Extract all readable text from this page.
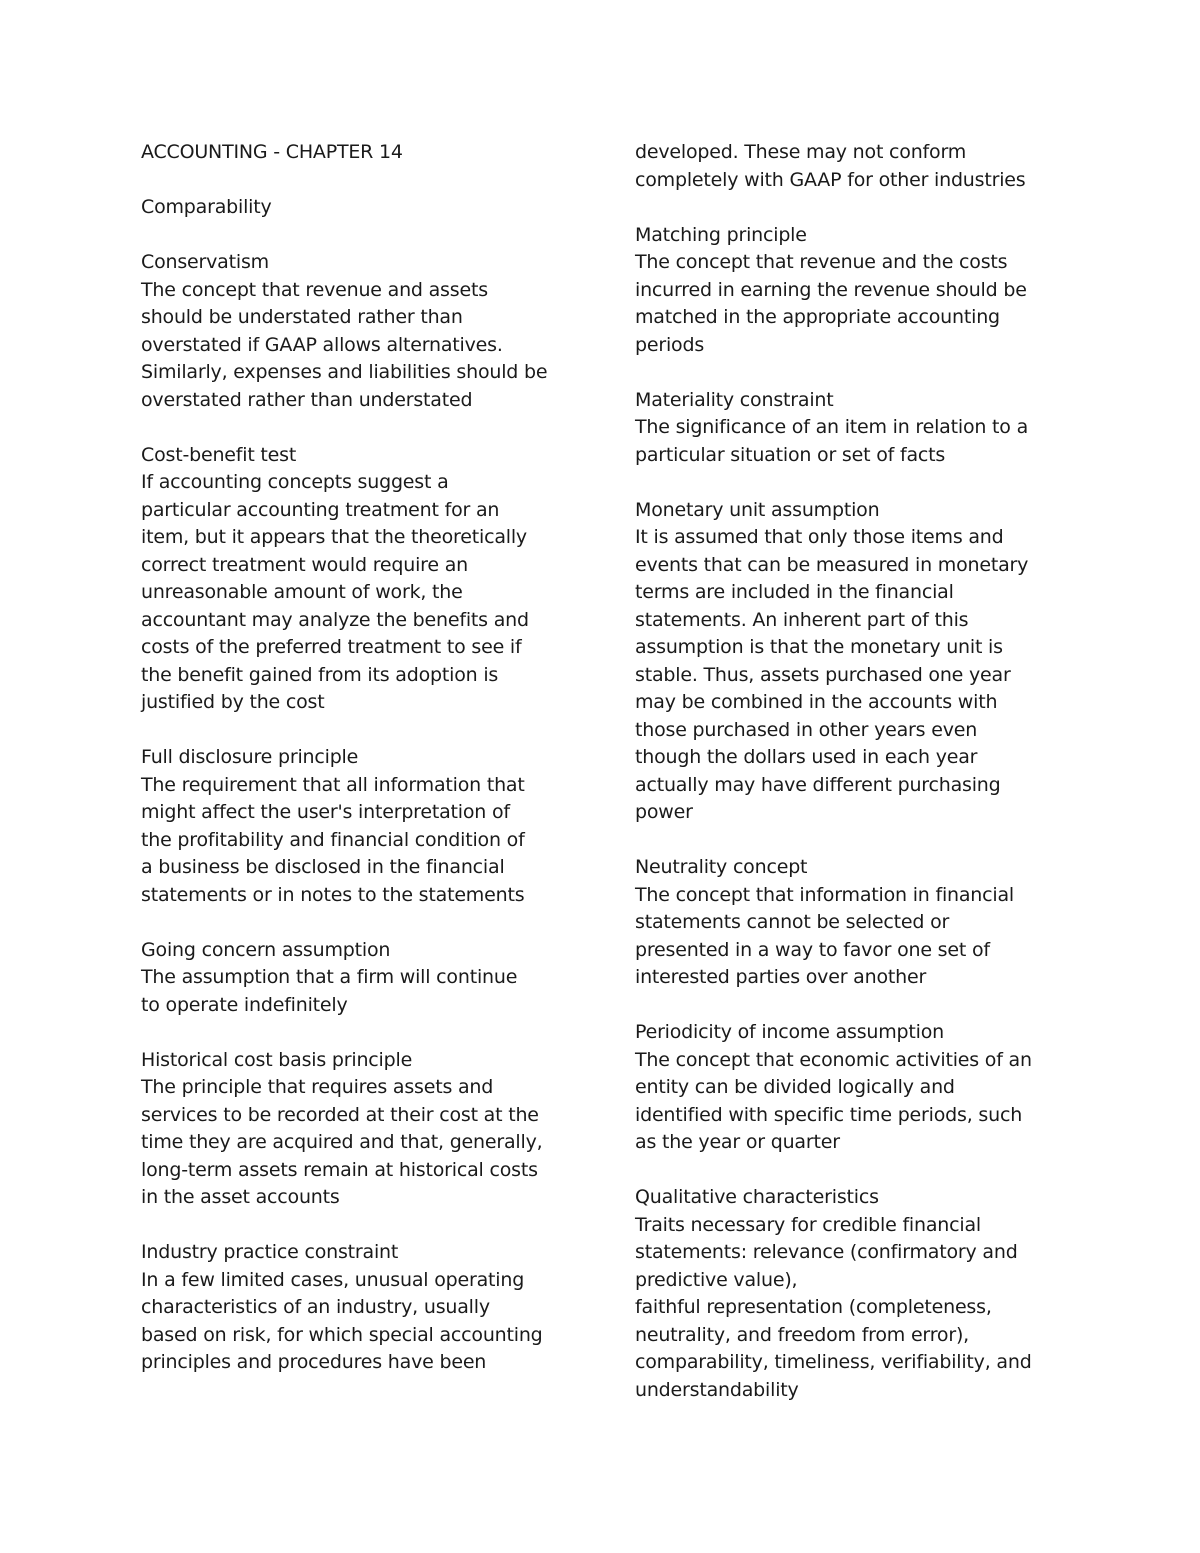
ACCOUNTING - CHAPTER 14
Comparability
Conservatism
The concept that revenue and assets
should be understated rather than
overstated if GAAP allows alternatives.
Similarly, expenses and liabilities should be
overstated rather than understated
Cost-benefit test
If accounting concepts suggest a
particular accounting treatment for an
item, but it appears that the theoretically
correct treatment would require an
unreasonable amount of work, the
accountant may analyze the benefits and
costs of the preferred treatment to see if
the benefit gained from its adoption is
justified by the cost
Full disclosure principle
The requirement that all information that
might affect the user's interpretation of
the profitability and financial condition of
a business be disclosed in the financial
statements or in notes to the statements
Going concern assumption
The assumption that a firm will continue
to operate indefinitely
Historical cost basis principle
The principle that requires assets and
services to be recorded at their cost at the
time they are acquired and that, generally,
long-term assets remain at historical costs
in the asset accounts
Industry practice constraint
In a few limited cases, unusual operating
characteristics of an industry, usually
based on risk, for which special accounting
principles and procedures have been
developed. These may not conform
completely with GAAP for other industries
Matching principle
The concept that revenue and the costs
incurred in earning the revenue should be
matched in the appropriate accounting
periods
Materiality constraint
The significance of an item in relation to a
particular situation or set of facts
Monetary unit assumption
It is assumed that only those items and
events that can be measured in monetary
terms are included in the financial
statements. An inherent part of this
assumption is that the monetary unit is
stable. Thus, assets purchased one year
may be combined in the accounts with
those purchased in other years even
though the dollars used in each year
actually may have different purchasing
power
Neutrality concept
The concept that information in financial
statements cannot be selected or
presented in a way to favor one set of
interested parties over another
Periodicity of income assumption
The concept that economic activities of an
entity can be divided logically and
identified with specific time periods, such
as the year or quarter
Qualitative characteristics
Traits necessary for credible financial
statements: relevance (confirmatory and
predictive value),
faithful representation (completeness,
neutrality, and freedom from error),
comparability, timeliness, verifiability, and
understandability
